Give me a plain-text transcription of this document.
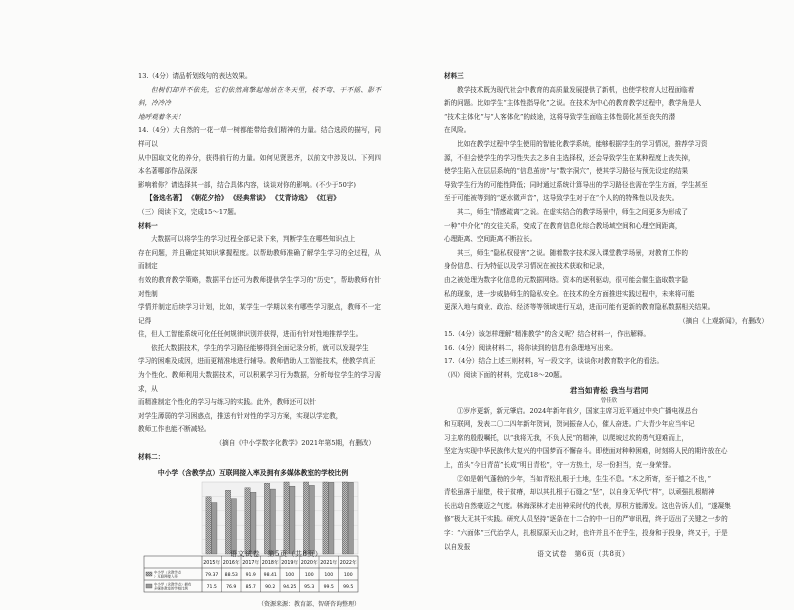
13.（4分）请品析划线句的表达效果。

但树们却并不依先，它们依然高擎起地站在冬天里，枝不弯、干不摇、影不斜，冷冷冷

地呼观着冬天！

14.（4分）大自然的一花一草一树都能带给我们精神的力量。结合选段的描写，同样可以

从中国取文化的养分，获得前行的力量。如何见贤思齐，以前文中涉及以、下列四本名著哪部作品深深

影响着你？请选择其一部，结合具体内容，谈谈对你的影响。(不少于50字)

【备选名著】 《朝花夕拾》 《经典常谈》 《艾青诗选》 《红岩》

（三）阅读下文，完成15～17题。

材料一

大数据可以将学生的学习过程全部记录下来，判断学生在哪些知识点上

存在问题，并且确定其知识掌握程度。以帮助教师准确了解学生学习的全过程，从而制定

有效的教育教学策略，数据平台还可为教师提供学生学习的“历史”，帮助教师有针对性制

学情并制定后续学习计划，比如，某学生一学期以来有哪些学习脱点，教师不一定记得

住，但人工智能系统可化任任何规律识别并获得，进而有针对性地推荐学生。

依托大数据技术，学生的学习路径能够得到全面记录分析，就可以发现学生

学习的困难及成因，进而更精准地进行辅导。教师借助人工智能技术，使教学真正

为个性化、教师利用大数据技术，可以积累学习行为数据，分析每位学生的学习需求，从

而精准制定个性化的学习与练习的实践。此外，教师还可以针

对学生薄弱的学习困惑点，推送有针对性的学习方案，实现以学定教，

教师工作也能不断减轻。

（摘自《中小学数字化教学》2021年第5期，有删改）

材料二：

中小学（含教学点）互联网接入率及拥有多媒体教室的学校比例
2015年
79.37
71.5
2016年
88.53
76.9
2017年
91.9
85.7
2018年
98.41
90.2
2019年
100
94.25
2020年
100
95.3
2021年
100
99.5
2022年
100
99.5
中小学（含教学点）互联网接入率
中小学（含教学点）拥有多媒体教室的学校比例
（资源来源：教育部、智研咨询整理）
语文试卷　第5页（共8页）

材料三

教学技术既为现代社会中教育的高质量发展提供了新机，也使学校育人过程面临着

新的问题。比如学生“主体性指导化”之说。在技术为中心的教育教学过程中，教学角是人

“技术主体化”与“人客体化”的歧途，这将导致学生面临主体性弱化甚至丧失的潜

在风险。

比如在教学过程中学生使用的智能化教学系统，能够根据学生的学习情况，推荐学习资

源，不但会使学生的学习性失去之多自主选择权，还会导致学生在某种程度上丧失掉，

使学生陷入在层层系统的“信息茧房”与“数字洞穴”，使其学习路径与预先设定的结果

导致学生行为的可能性降低；同时通过系统计算导出的学习路径也需在学生方面，学生甚至

至于可能被等到的“逐水微声音”，这导致学生对于在“个人的的特殊性以及丧失。

其二，师生“情感疏离”之说。在虚实结合的教学场景中，师生之间更多为形成了

一种“中介化”的交往关系，变成了在教育信息化综合教场域空间和心理空间距离，

心理距离、空间距离不断拉长。

其三，师生“隐私权侵害”之说。随着数字技术深入课堂教学场景，对教育工作的

身份信息、行为特征以及学习情况在被技术获取和记录，

由之被处理为数字化信息的元数据网络。资本的逐利驱动，很可能会催生盗取数字隐

私的现象，进一步威胁师生的隐私安全。在技术的全方面推进实践过程中，未来将可能

更深入地与商业、政治、经济等等领域进行互动，进而可能有更新的教育隐私数据相关结果。

（摘自《上观新闻》，有删改）

15.（4分）该怎样理解“精准教学”的含义呢？结合材料一，作出解释。

16.（4分）阅读材料二，将你读到的信息有条理地写出来。

17.（4分）结合上述三则材料，写一段文字，谈谈你对教育数字化的看法。

（四）阅读下面的材料，完成18～20题。

君当如青松 我当与君同
曾佳欣

①岁序更新，新元肇启。2024年新年前夕，国家主席习近平通过中央广播电视总台

和互联网，发表二〇二四年新年贺词，贺词振奋人心，催人奋进。广大青少年应当牢记

习主席的殷殷嘱托，以“我将无我，不负人民”的精神，以爬坡过坎的勇气迎难而上，

坚定为实现中华民族伟大复兴的中国梦而不懈奋斗。即使面对种种困难，时刻将人民的期许放在心

上，茁头“今日青苗”长成“明日青松”，守一方热土，尽一份担当，克一身荣誉。

②如是朝气蓬勃的少年，当如青松扎根于土地，生生不息。“木之所寄，至于德之不也，”

青松虽落于崖壁，枝于贫瘠，却以其扎根于石缝之“坚”，以自身无华代“样”，以顽强扎根精神

长出动自然豪迈之气度。林海深林才走出神采时代的代表，厚积方能薄发。这也告诉人们，“遂凝集

修”极大无其干实践。研究人员坚持“逐条在十二合的中一日的严审讯程，终于迈出了关键之一步的

字：“六面体”三代治学人，扎根原原天山之时，也许并且不在乎生，投身和于投身，终又于，于是

以自发报

语文试卷　第6页（共8页）
